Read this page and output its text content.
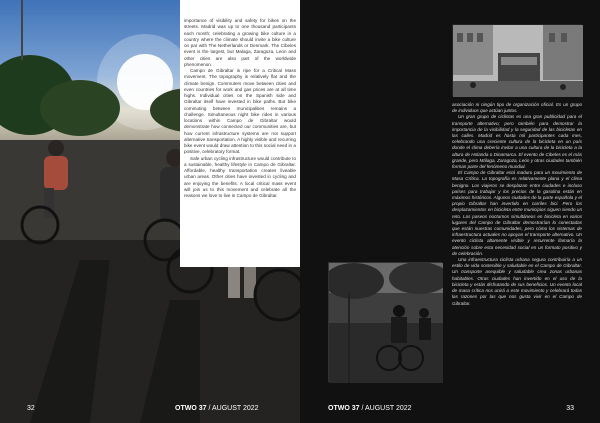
importance of visibility and safety for bikes on the streets. Madrid was up to one thousand participants each month; celebrating a growing bike culture in a country where the climate should invite a bike culture on par with The Netherlands or Denmark. The Cibeles event is the largest, but Malaga, Zaragoza, Leon and other cities are also part of the worldwide phenomenon.

Campo de Gibraltar is ripe for a Critical Mass movement. The topography is relatively flat and the climate benign. Commuters move between cities and even countries for work and gas prices are at all time highs. Individual cities on the Spanish side and Gibraltar itself have invested in bike paths. But bike commuting between municipalities remains a challenge. Simultaneous night bike rides in various locations within Campo de Gibraltar would demonstrate how connected our communities are, but how current infrastructure systems are not support alternative transportation. A highly visible and recurring bike event would draw attention to this social need in a positive, celebratory format.

Safe urban cycling infrastructure would contribute to a sustainable, healthy lifestyle in Campo de Gibraltar. Affordable, healthy transportation creates liveable urban areas. Other cities have invested in cycling and are enjoying the benefits. A local critical mass event will join us to this movement and celebrate all the reasons we love to live in Campo de Gibraltar.

32	OTWO 37 / AUGUST 2022

asociación ni ningún tipo de organización oficial. Es un grupo de individuos que actúan juntos.

Un gran grupo de ciclistas es una gran publicidad para el transporte alternativo; pero también para demostrar la importancia de la visibilidad y la seguridad de las bicicletas en las calles. Madrid es hasta mil participantes cada mes, celebrando una creciente cultura de la bicicleta en un país donde el clima debería invitar a una cultura de la bicicleta a la altura de Holanda o Dinamarca. El evento de Cibeles es el más grande, pero Málaga, Zaragoza, León y otras ciudades también forman parte del fenómeno mundial.

El Campo de Gibraltar está maduro para un movimiento de Masa Crítica. La topografía es relativamente plana y el clima benigno. Los viajeros se desplazan entre ciudades e incluso países para trabajar y los precios de la gasolina están en máximos históricos. Algunos ciudades de la parte española y el propio Gibraltar han invertido en carriles bici. Pero los desplazamientos en bicicleta entre municipios siguen siendo un reto. Los paseos nocturnos simultáneos en bicicleta en varios lugares del Campo de Gibraltar demostrarían lo conectadas que están nuestras comunidades, pero cómo los sistemas de infraestructura actuales no apoyan el transporte alternativo. Un evento ciclista altamente visible y recurrente llamaría la atención sobre esta necesidad social en un formato positivo y de celebración.

Una infraestructura ciclista urbana segura contribuiría a un estilo de vida sostenible y saludable en el Campo de Gibraltar. Un transporte asequible y saludable crea zonas urbanas habitables. Otras ciudades han invertido en el uso de la bicicleta y están disfrutando de sus beneficios. Un evento local de masa crítica nos unirá a este movimiento y celebrará todas las razones por las que nos gusta vivir en el Campo de Gibraltar.

OTWO 37 / AUGUST 2022	33
